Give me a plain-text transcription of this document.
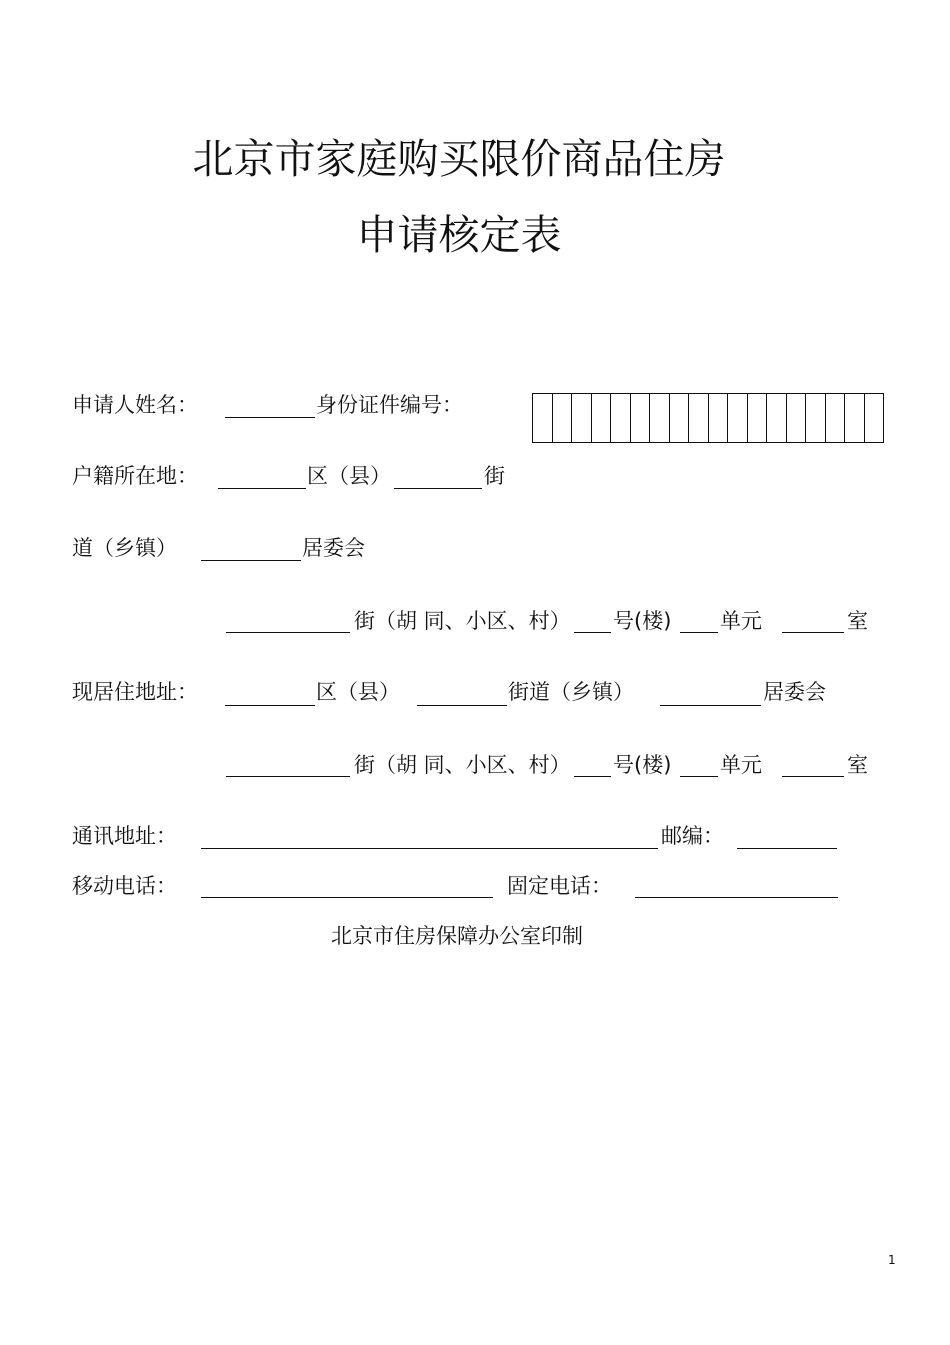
北京市家庭购买限价商品住房
申请核定表
申请人姓名：	身份证件编号：
户籍所在地：	区（县）	街
道（乡镇）	居委会
街（胡 同、小区、村） 号(楼) 单元	室
现居住地址：	区（县）	街道（乡镇）	居委会
街（胡 同、小区、村） 号(楼) 单元	室
通讯地址：	邮编：
移动电话：	固定电话：
北京市住房保障办公室印制
1
